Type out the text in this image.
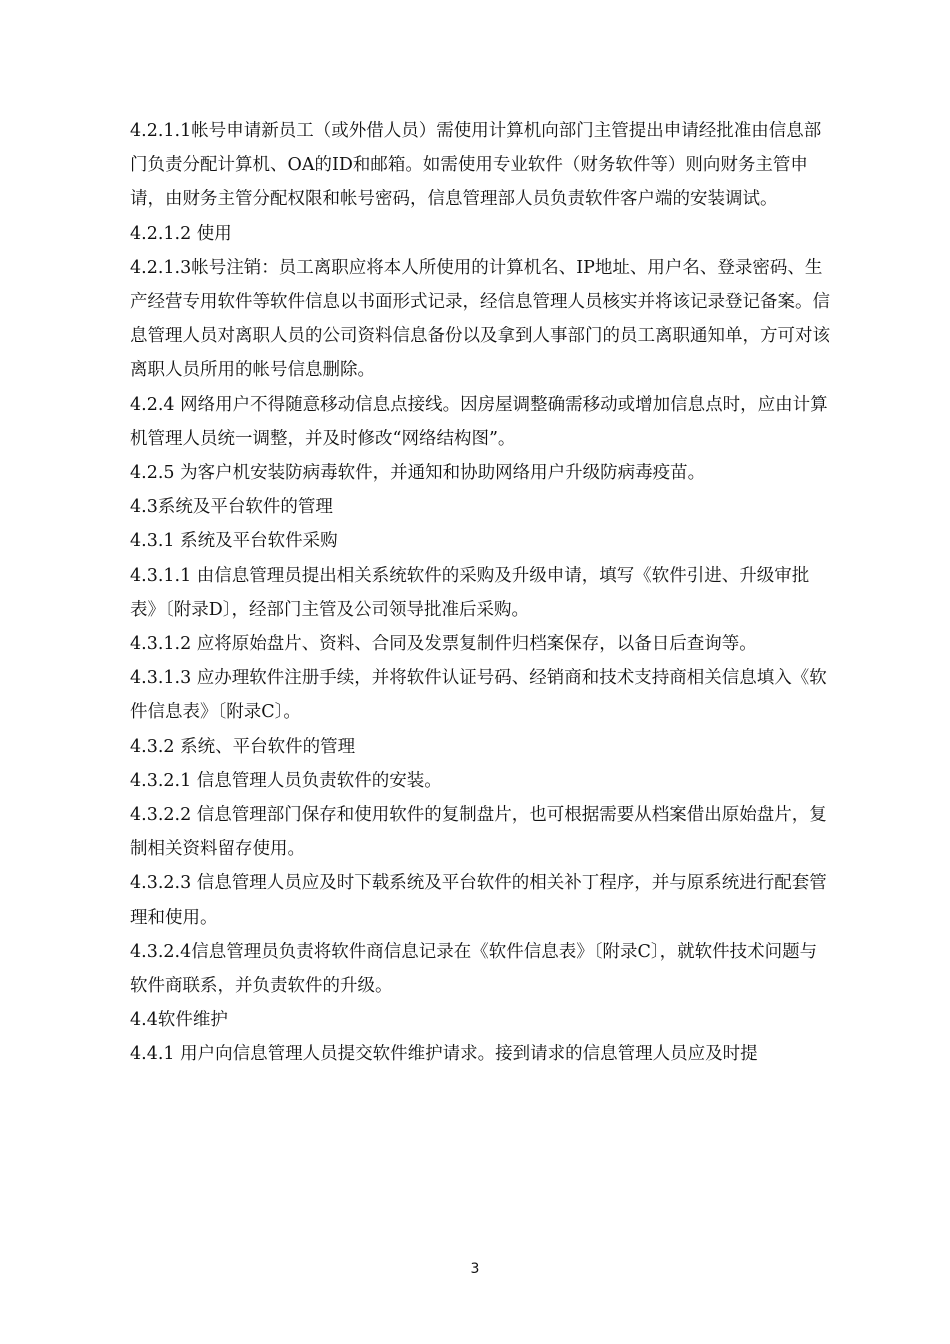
4.2.1.1帐号申请新员工（或外借人员）需使用计算机向部门主管提出申请经批准由信息部门负责分配计算机、OA的ID和邮箱。如需使用专业软件（财务软件等）则向财务主管申请，由财务主管分配权限和帐号密码，信息管理部人员负责软件客户端的安装调试。

4.2.1.2 使用

4.2.1.3帐号注销：员工离职应将本人所使用的计算机名、IP地址、用户名、登录密码、生产经营专用软件等软件信息以书面形式记录，经信息管理人员核实并将该记录登记备案。信息管理人员对离职人员的公司资料信息备份以及拿到人事部门的员工离职通知单，方可对该离职人员所用的帐号信息删除。

4.2.4 网络用户不得随意移动信息点接线。因房屋调整确需移动或增加信息点时，应由计算机管理人员统一调整，并及时修改“网络结构图”。

4.2.5 为客户机安装防病毒软件，并通知和协助网络用户升级防病毒疫苗。

4.3系统及平台软件的管理

4.3.1 系统及平台软件采购

4.3.1.1 由信息管理员提出相关系统软件的采购及升级申请，填写《软件引进、升级审批表》〔附录D〕，经部门主管及公司领导批准后采购。

4.3.1.2 应将原始盘片、资料、合同及发票复制件归档案保存，以备日后查询等。

4.3.1.3 应办理软件注册手续，并将软件认证号码、经销商和技术支持商相关信息填入《软件信息表》〔附录C〕。

4.3.2 系统、平台软件的管理

4.3.2.1 信息管理人员负责软件的安装。

4.3.2.2 信息管理部门保存和使用软件的复制盘片，也可根据需要从档案借出原始盘片，复制相关资料留存使用。

4.3.2.3 信息管理人员应及时下载系统及平台软件的相关补丁程序，并与原系统进行配套管理和使用。

4.3.2.4信息管理员负责将软件商信息记录在《软件信息表》〔附录C〕，就软件技术问题与软件商联系，并负责软件的升级。

4.4软件维护

4.4.1 用户向信息管理人员提交软件维护请求。接到请求的信息管理人员应及时提

3
